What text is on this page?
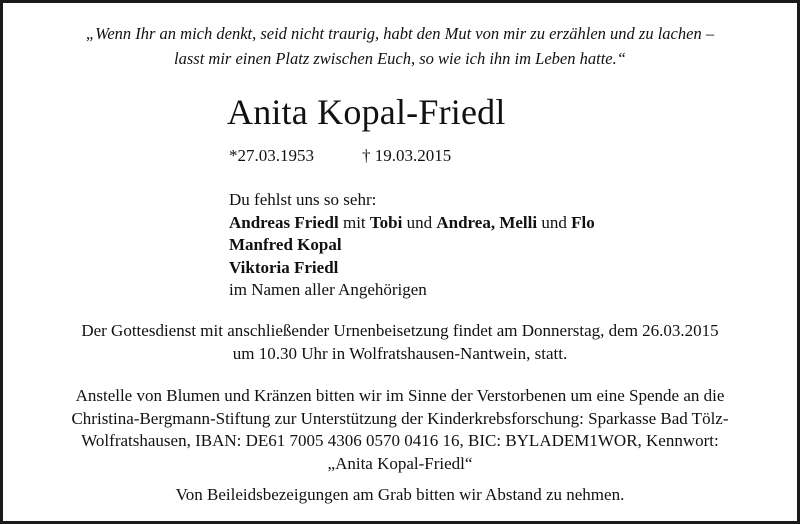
„Wenn Ihr an mich denkt, seid nicht traurig, habt den Mut von mir zu erzählen und zu lachen –
lasst mir einen Platz zwischen Euch, so wie ich ihn im Leben hatte.“
Anita Kopal-Friedl
*27.03.1953	† 19.03.2015
Du fehlst uns so sehr:
Andreas Friedl mit Tobi und Andrea, Melli und Flo
Manfred Kopal
Viktoria Friedl
im Namen aller Angehörigen
Der Gottesdienst mit anschließender Urnenbeisetzung findet am Donnerstag, dem 26.03.2015
um 10.30 Uhr in Wolfratshausen-Nantwein, statt.
Anstelle von Blumen und Kränzen bitten wir im Sinne der Verstorbenen um eine Spende an die
Christina-Bergmann-Stiftung zur Unterstützung der Kinderkrebsforschung: Sparkasse Bad Tölz-
Wolfratshausen, IBAN: DE61 7005 4306 0570 0416 16, BIC: BYLADEM1WOR, Kennwort:
„Anita Kopal-Friedl“
Von Beileidsbezeigungen am Grab bitten wir Abstand zu nehmen.
